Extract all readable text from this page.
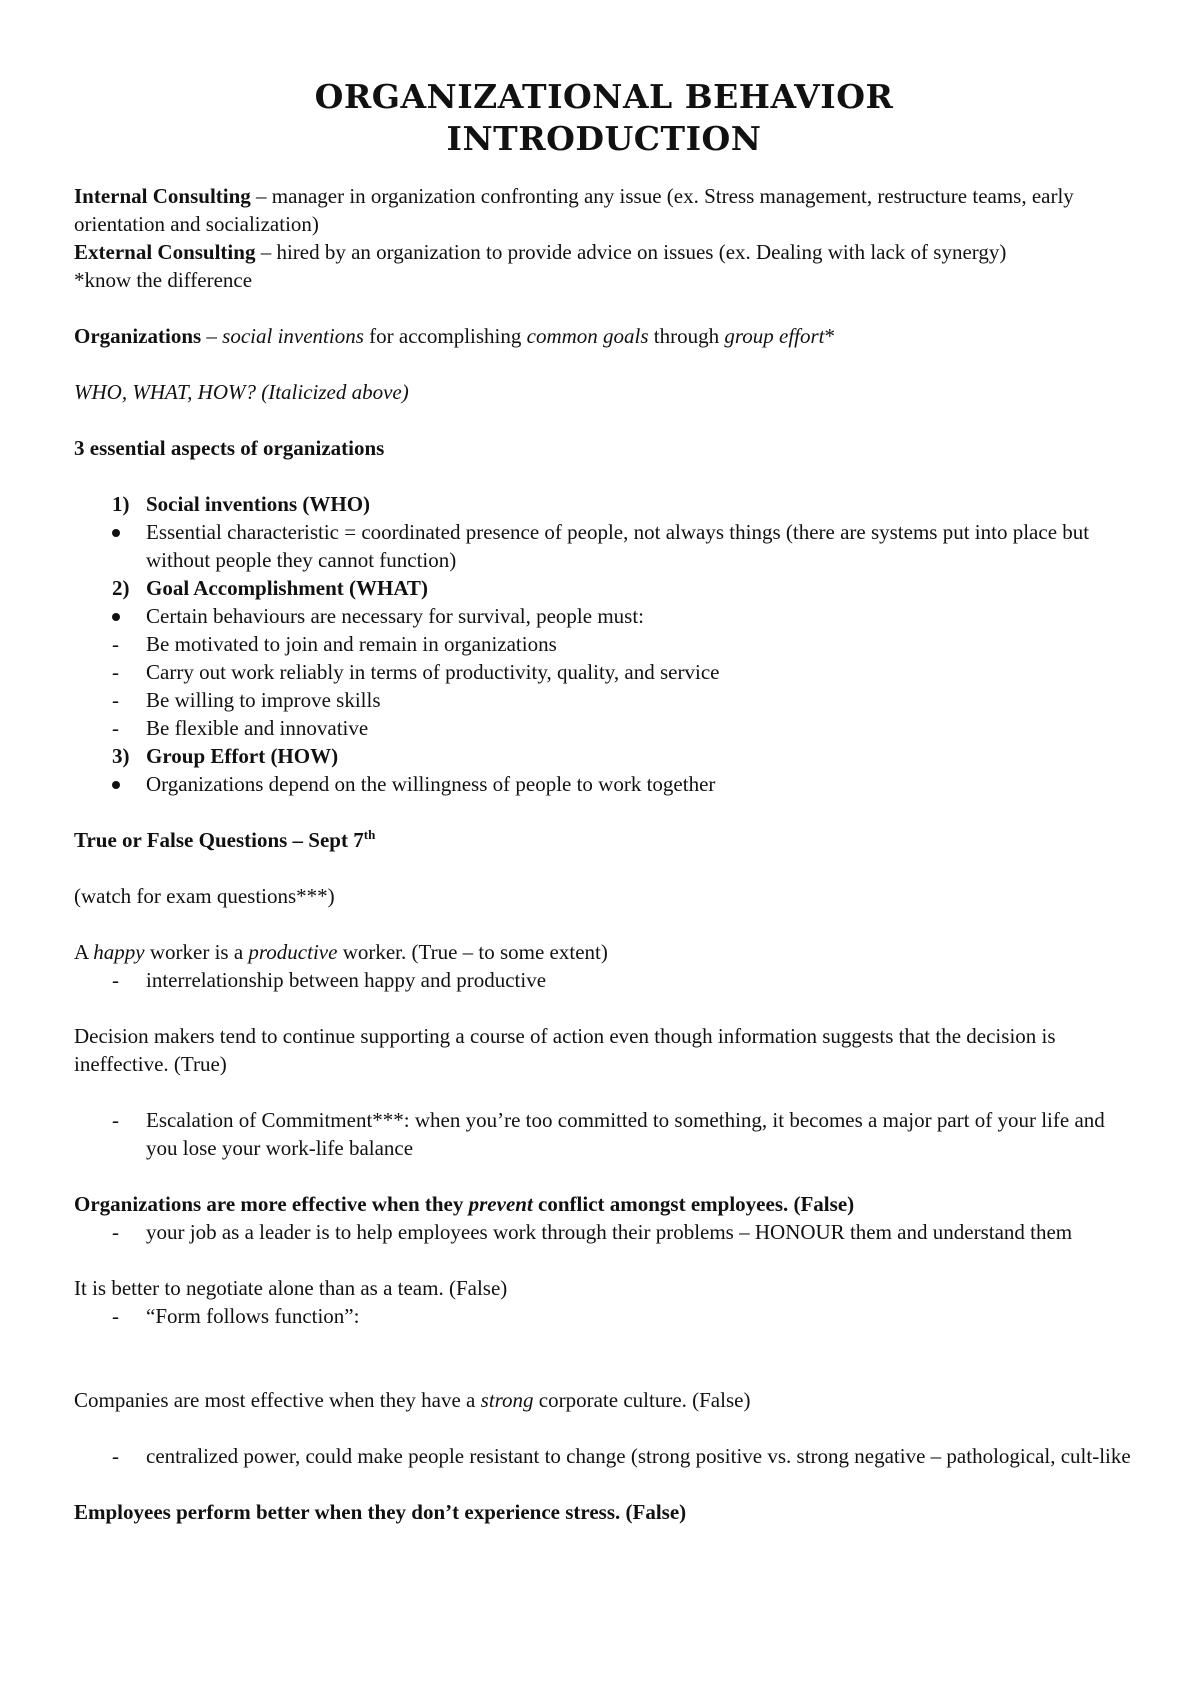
ORGANIZATIONAL BEHAVIOR
INTRODUCTION

Internal Consulting – manager in organization confronting any issue (ex. Stress management, restructure teams, early orientation and socialization)

External Consulting – hired by an organization to provide advice on issues (ex. Dealing with lack of synergy)

*know the difference

Organizations – social inventions for accomplishing common goals through group effort*

WHO, WHAT, HOW? (Italicized above)

3 essential aspects of organizations

1) Social inventions (WHO)
Essential characteristic = coordinated presence of people, not always things (there are systems put into place but without people they cannot function)
2) Goal Accomplishment (WHAT)
Certain behaviours are necessary for survival, people must:
-	Be motivated to join and remain in organizations
-	Carry out work reliably in terms of productivity, quality, and service
-	Be willing to improve skills
-	Be flexible and innovative
3) Group Effort (HOW)
Organizations depend on the willingness of people to work together

True or False Questions – Sept 7th

(watch for exam questions***)

A happy worker is a productive worker. (True – to some extent)

-	interrelationship between happy and productive

Decision makers tend to continue supporting a course of action even though information suggests that the decision is ineffective. (True)

-	Escalation of Commitment***: when you’re too committed to something, it becomes a major part of your life and you lose your work-life balance

Organizations are more effective when they prevent conflict amongst employees. (False)

-	your job as a leader is to help employees work through their problems – HONOUR them and understand them

It is better to negotiate alone than as a team. (False)

-	“Form follows function”:

Companies are most effective when they have a strong corporate culture. (False)

-	centralized power, could make people resistant to change (strong positive vs. strong negative – pathological, cult-like

Employees perform better when they don’t experience stress. (False)
